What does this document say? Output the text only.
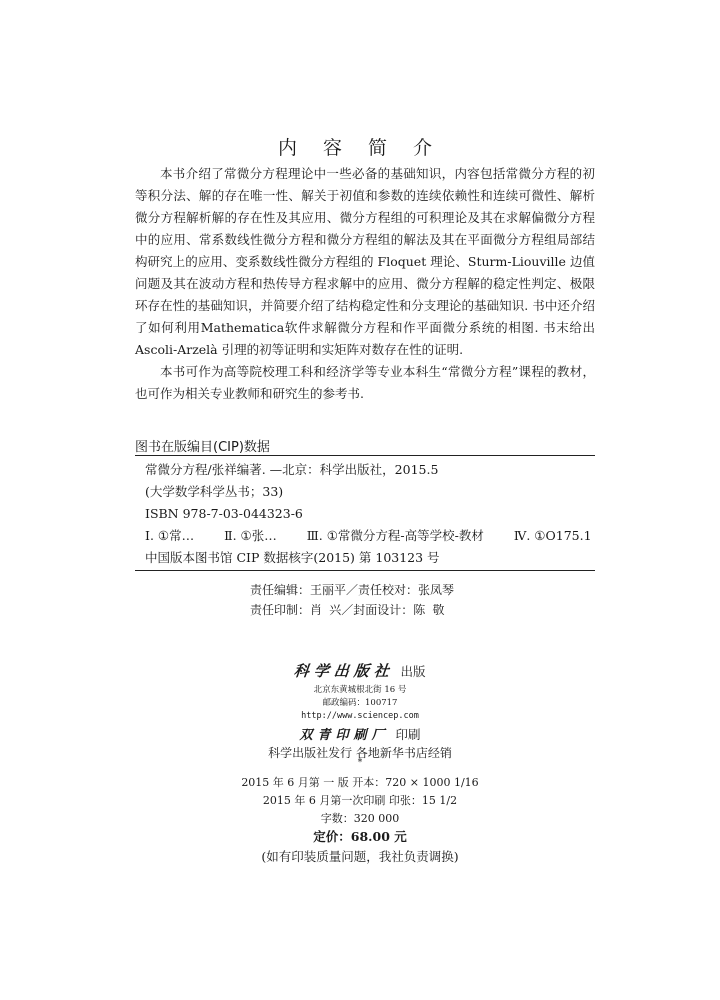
内 容 简 介

本书介绍了常微分方程理论中一些必备的基础知识，内容包括常微分方程的初等积分法、解的存在唯一性、解关于初值和参数的连续依赖性和连续可微性、解析微分方程解析解的存在性及其应用、微分方程组的可积理论及其在求解偏微分方程中的应用、常系数线性微分方程和微分方程组的解法及其在平面微分方程组局部结构研究上的应用、变系数线性微分方程组的 Floquet 理论、Sturm-Liouville 边值问题及其在波动方程和热传导方程求解中的应用、微分方程解的稳定性判定、极限环存在性的基础知识，并简要介绍了结构稳定性和分支理论的基础知识. 书中还介绍了如何利用Mathematica软件求解微分方程和作平面微分系统的相图. 书末给出 Ascoli-Arzelà 引理的初等证明和实矩阵对数存在性的证明.

本书可作为高等院校理工科和经济学等专业本科生“常微分方程”课程的教材，也可作为相关专业教师和研究生的参考书.

图书在版编目(CIP)数据
常微分方程/张祥编著. —北京：科学出版社，2015.5
(大学数学科学丛书；33)
ISBN 978-7-03-044323-6
Ⅰ. ①常… Ⅱ. ①张… Ⅲ. ①常微分方程-高等学校-教材 Ⅳ. ①O175.1
中国版本图书馆 CIP 数据核字(2015) 第 103123 号
责任编辑：王丽平／责任校对：张凤琴
责任印制：肖 兴／封面设计：陈 敬
科学出版社 出版
北京东黄城根北街 16 号
邮政编码：100717
http://www.sciencep.com
双青印刷厂 印刷
科学出版社发行 各地新华书店经销
*
2015 年 6 月第 一 版 开本：720 × 1000 1/16
2015 年 6 月第一次印刷 印张：15 1/2
字数：320 000
定价：68.00 元
(如有印装质量问题，我社负责调换)
